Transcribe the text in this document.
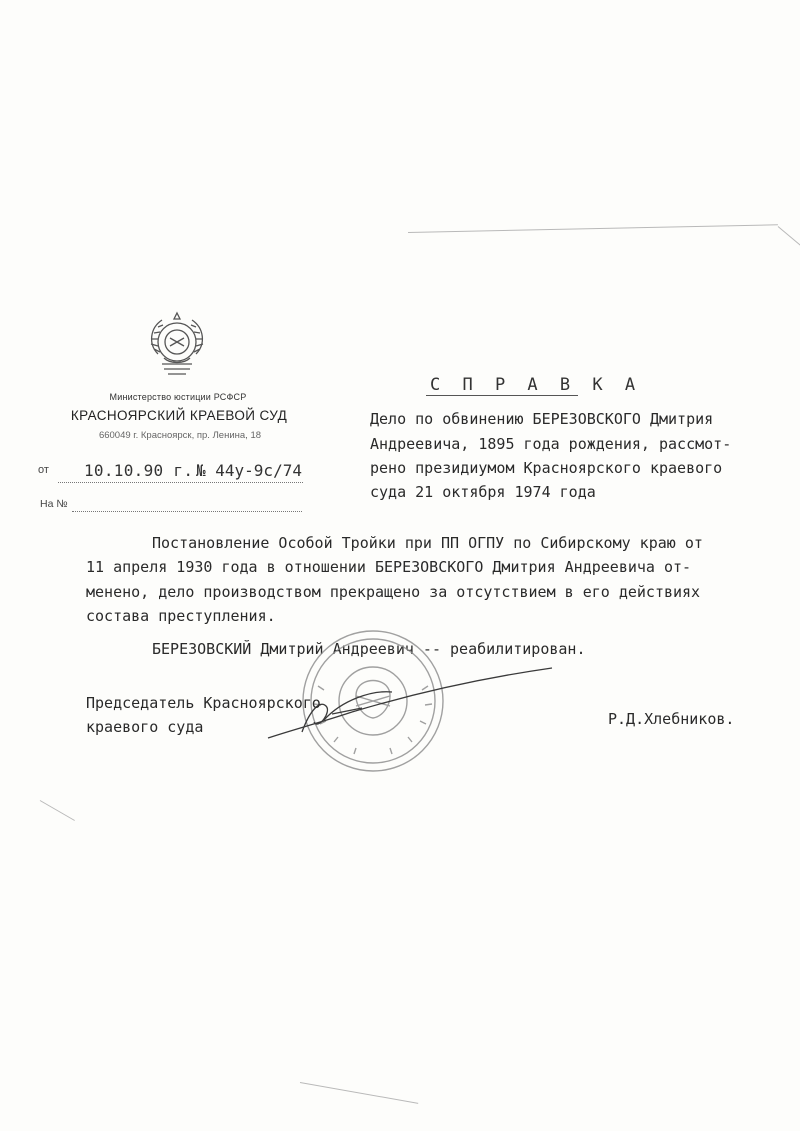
Министерство юстиции РСФСР
КРАСНОЯРСКИЙ КРАЕВОЙ СУД
660049 г. Красноярск, пр. Ленина, 18
от 10.10.90 г. № 44у-9с/74
На №
С П Р А В К А
Дело по обвинению БЕРЕЗОВСКОГО Дмитрия
Андреевича, 1895 года рождения, рассмот-
рено президиумом Красноярского краевого
суда 21 октября 1974 года
Постановление Особой Тройки при ПП ОГПУ по Сибирскому краю от
11 апреля 1930 года в отношении БЕРЕЗОВСКОГО Дмитрия Андреевича от-
менено, дело производством прекращено за отсутствием в его действиях
состава преступления.
БЕРЕЗОВСКИЙ Дмитрий Андреевич -- реабилитирован.
Председатель Красноярского
краевого суда	Р.Д.Хлебников.
